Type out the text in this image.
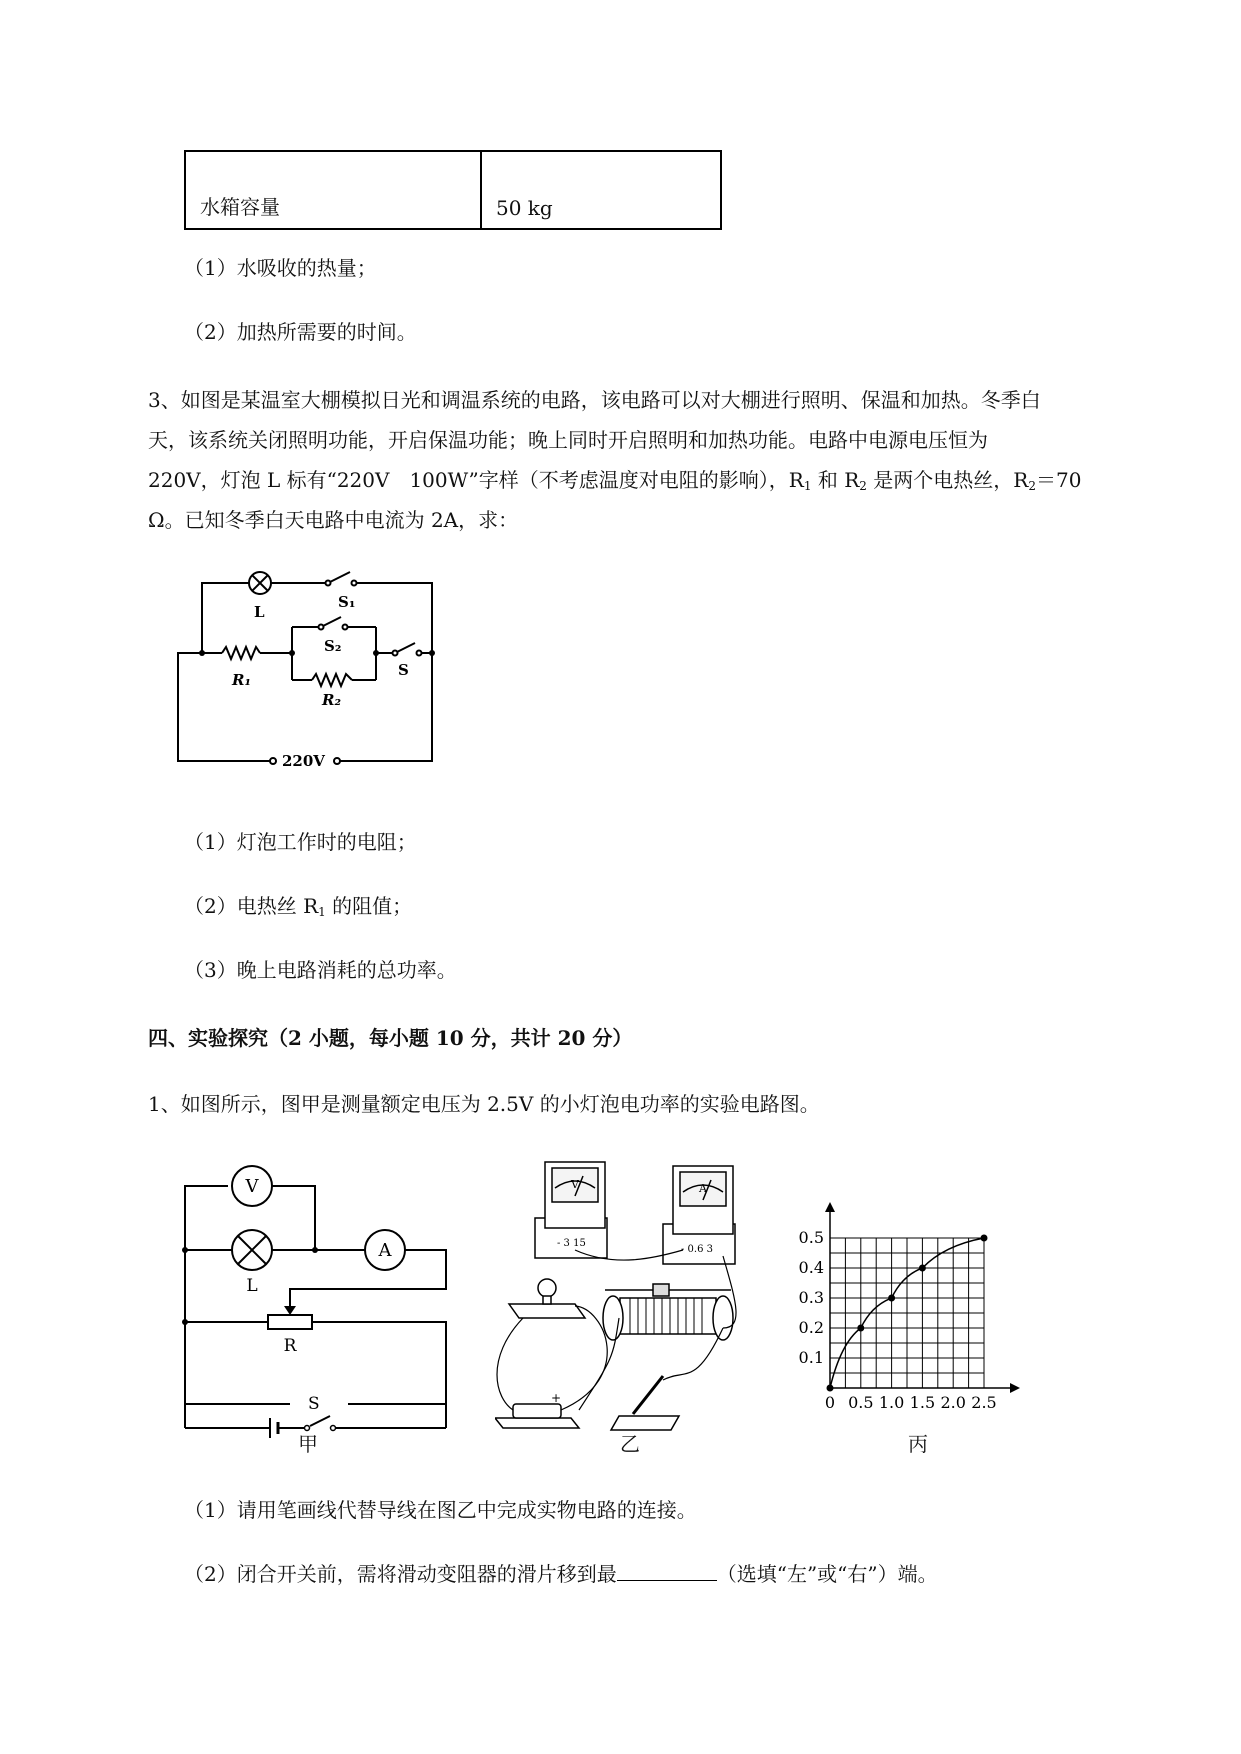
水箱容量	50 kg
（1）水吸收的热量；
（2）加热所需要的时间。
3、如图是某温室大棚模拟日光和调温系统的电路，该电路可以对大棚进行照明、保温和加热。冬季白
天，该系统关闭照明功能，开启保温功能；晚上同时开启照明和加热功能。电路中电源电压恒为
220V，灯泡 L 标有“220V　100W”字样（不考虑温度对电阻的影响），$R_1$ 和 $R_2$ 是两个电热丝，$R_2=70$
Ω。已知冬季白天电路中电流为 2A，求：
L
S₁
S₂
S
R₁
R₂
220V
（1）灯泡工作时的电阻；
（2）电热丝 $R_1$ 的阻值；
（3）晚上电路消耗的总功率。
四、实验探究（2 小题，每小题 10 分，共计 20 分）
1、如图所示，图甲是测量额定电压为 2.5V 的小灯泡电功率的实验电路图。
V
A
L
R
S
甲
V	A
- 3 15
- 0.6 3
+
乙
0 0.5 1.0 1.5 2.0 2.5
0.1
0.2
0.3
0.4
0.5
丙
（1）请用笔画线代替导线在图乙中完成实物电路的连接。
（2）闭合开关前，需将滑动变阻器的滑片移到最	（选填“左”或“右”）端。
